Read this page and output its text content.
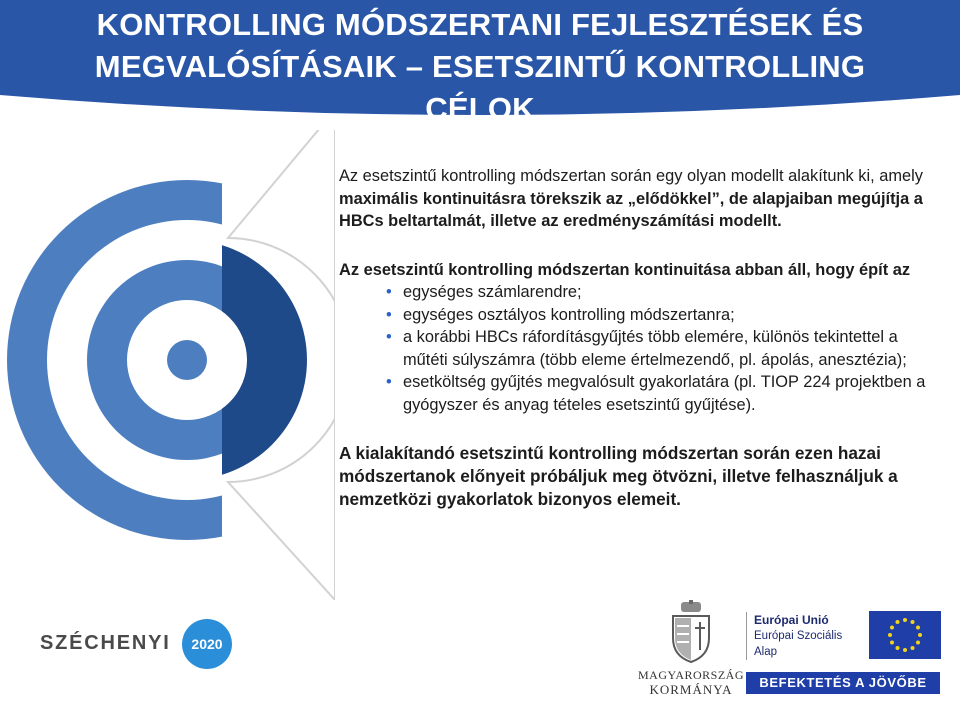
KONTROLLING MÓDSZERTANI FEJLESZTÉSEK ÉS
MEGVALÓSÍTÁSAIK – ESETSZINTŰ KONTROLLING
CÉLOK

Az esetszintű kontrolling módszertan során egy olyan modellt alakítunk ki, amely maximális kontinuitásra törekszik az „elődökkel”, de alapjaiban megújítja a HBCs beltartalmát, illetve az eredményszámítási modellt.

Az esetszintű kontrolling módszertan kontinuitása abban áll, hogy épít az

• egységes számlarendre;
• egységes osztályos kontrolling módszertanra;
• a korábbi HBCs ráfordításgyűjtés több elemére, különös tekintettel a műtéti súlyszámra (több eleme értelmezendő, pl. ápolás, anesztézia);
• esetköltség gyűjtés megvalósult gyakorlatára (pl. TIOP 224 projektben a gyógyszer és anyag tételes esetszintű gyűjtése).

A kialakítandó esetszintű kontrolling módszertan során ezen hazai módszertanok előnyeit próbáljuk meg ötvözni, illetve felhasználjuk a nemzetközi gyakorlatok bizonyos elemeit.

SZÉCHENYI	2020
MAGYARORSZÁG
KORMÁNYA
Európai Unió
Európai Szociális
Alap
BEFEKTETÉS A JÖVŐBE
